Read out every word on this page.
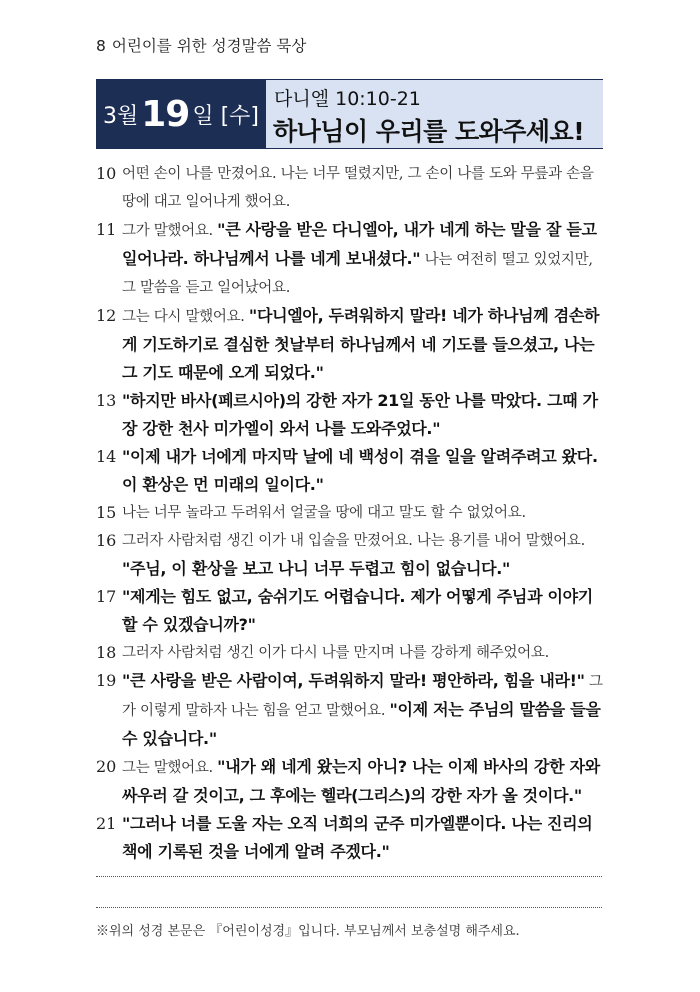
8 어린이를 위한 성경말씀 묵상
3월 19 일 [수]
다니엘 10:10-21
하나님이 우리를 도와주세요!
10 어떤 손이 나를 만졌어요. 나는 너무 떨렸지만, 그 손이 나를 도와 무릎과 손을 땅에 대고 일어나게 했어요.
11 그가 말했어요. "큰 사랑을 받은 다니엘아, 내가 네게 하는 말을 잘 듣고 일어나라. 하나님께서 나를 네게 보내셨다." 나는 여전히 떨고 있었지만, 그 말씀을 듣고 일어났어요.
12 그는 다시 말했어요. "다니엘아, 두려워하지 말라! 네가 하나님께 겸손하게 기도하기로 결심한 첫날부터 하나님께서 네 기도를 들으셨고, 나는 그 기도 때문에 오게 되었다."
13 "하지만 바사(페르시아)의 강한 자가 21일 동안 나를 막았다. 그때 가장 강한 천사 미가엘이 와서 나를 도와주었다."
14 "이제 내가 너에게 마지막 날에 네 백성이 겪을 일을 알려주려고 왔다. 이 환상은 먼 미래의 일이다."
15 나는 너무 놀라고 두려워서 얼굴을 땅에 대고 말도 할 수 없었어요.
16 그러자 사람처럼 생긴 이가 내 입술을 만졌어요. 나는 용기를 내어 말했어요. "주님, 이 환상을 보고 나니 너무 두렵고 힘이 없습니다."
17 "제게는 힘도 없고, 숨쉬기도 어렵습니다. 제가 어떻게 주님과 이야기할 수 있겠습니까?"
18 그러자 사람처럼 생긴 이가 다시 나를 만지며 나를 강하게 해주었어요.
19 "큰 사랑을 받은 사람이여, 두려워하지 말라! 평안하라, 힘을 내라!" 그가 이렇게 말하자 나는 힘을 얻고 말했어요. "이제 저는 주님의 말씀을 들을 수 있습니다."
20 그는 말했어요. "내가 왜 네게 왔는지 아니? 나는 이제 바사의 강한 자와 싸우러 갈 것이고, 그 후에는 헬라(그리스)의 강한 자가 올 것이다."
21 "그러나 너를 도울 자는 오직 너희의 군주 미가엘뿐이다. 나는 진리의 책에 기록된 것을 너에게 알려 주겠다."
※위의 성경 본문은 『어린이성경』입니다. 부모님께서 보충설명 해주세요.
